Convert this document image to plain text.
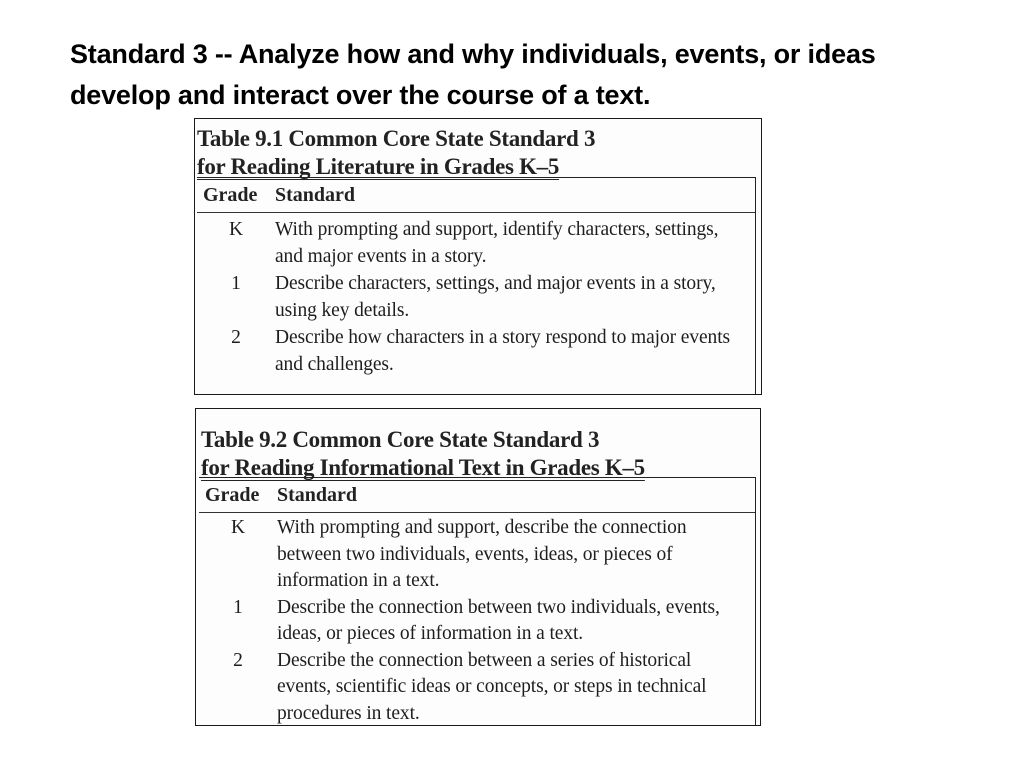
Standard 3 -- Analyze how and why individuals, events, or ideas develop and interact over the course of a text.
Table 9.1 Common Core State Standard 3
for Reading Literature in Grades K–5
Grade Standard
K	With prompting and support, identify characters, settings, and major events in a story.
1	Describe characters, settings, and major events in a story, using key details.
2	Describe how characters in a story respond to major events and challenges.
Table 9.2 Common Core State Standard 3
for Reading Informational Text in Grades K–5
Grade Standard
K	With prompting and support, describe the connection between two individuals, events, ideas, or pieces of information in a text.
1	Describe the connection between two individuals, events, ideas, or pieces of information in a text.
2	Describe the connection between a series of historical events, scientific ideas or concepts, or steps in technical procedures in text.
